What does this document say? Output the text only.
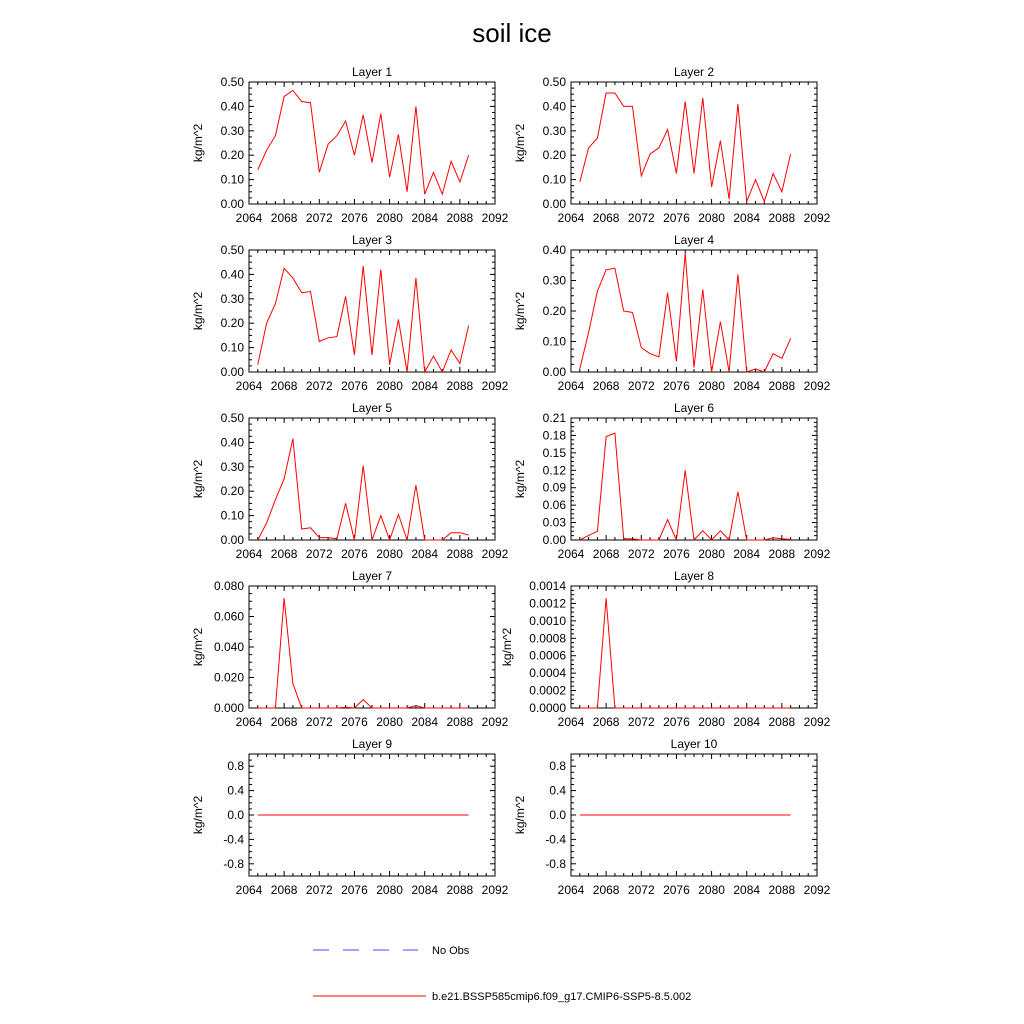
soil ice
Layer 1
2064 2068 2072 2076 2080 2084 2088 2092
0.00
0.10
0.20
0.30
0.40
0.50
kg/m^2
Layer 2
2064 2068 2072 2076 2080 2084 2088 2092
0.00
0.10
0.20
0.30
0.40
0.50
kg/m^2
Layer 3
2064 2068 2072 2076 2080 2084 2088 2092
0.00
0.10
0.20
0.30
0.40
0.50
kg/m^2
Layer 4
2064 2068 2072 2076 2080 2084 2088 2092
0.00
0.10
0.20
0.30
0.40
kg/m^2
Layer 5
2064 2068 2072 2076 2080 2084 2088 2092
0.00
0.10
0.20
0.30
0.40
0.50
kg/m^2
Layer 6
2064 2068 2072 2076 2080 2084 2088 2092
0.00
0.03
0.06
0.09
0.12
0.15
0.18
0.21
kg/m^2
Layer 7
2064 2068 2072 2076 2080 2084 2088 2092
0.000
0.020
0.040
0.060
0.080
kg/m^2
Layer 8
2064 2068 2072 2076 2080 2084 2088 2092
0.0000
0.0002
0.0004
0.0006
0.0008
0.0010
0.0012
0.0014
kg/m^2
Layer 9
2064 2068 2072 2076 2080 2084 2088 2092
-0.8
-0.4
0.0
0.4
0.8
kg/m^2
Layer 10
2064 2068 2072 2076 2080 2084 2088 2092
-0.8
-0.4
0.0
0.4
0.8
kg/m^2
No Obs
b.e21.BSSP585cmip6.f09_g17.CMIP6-SSP5-8.5.002
